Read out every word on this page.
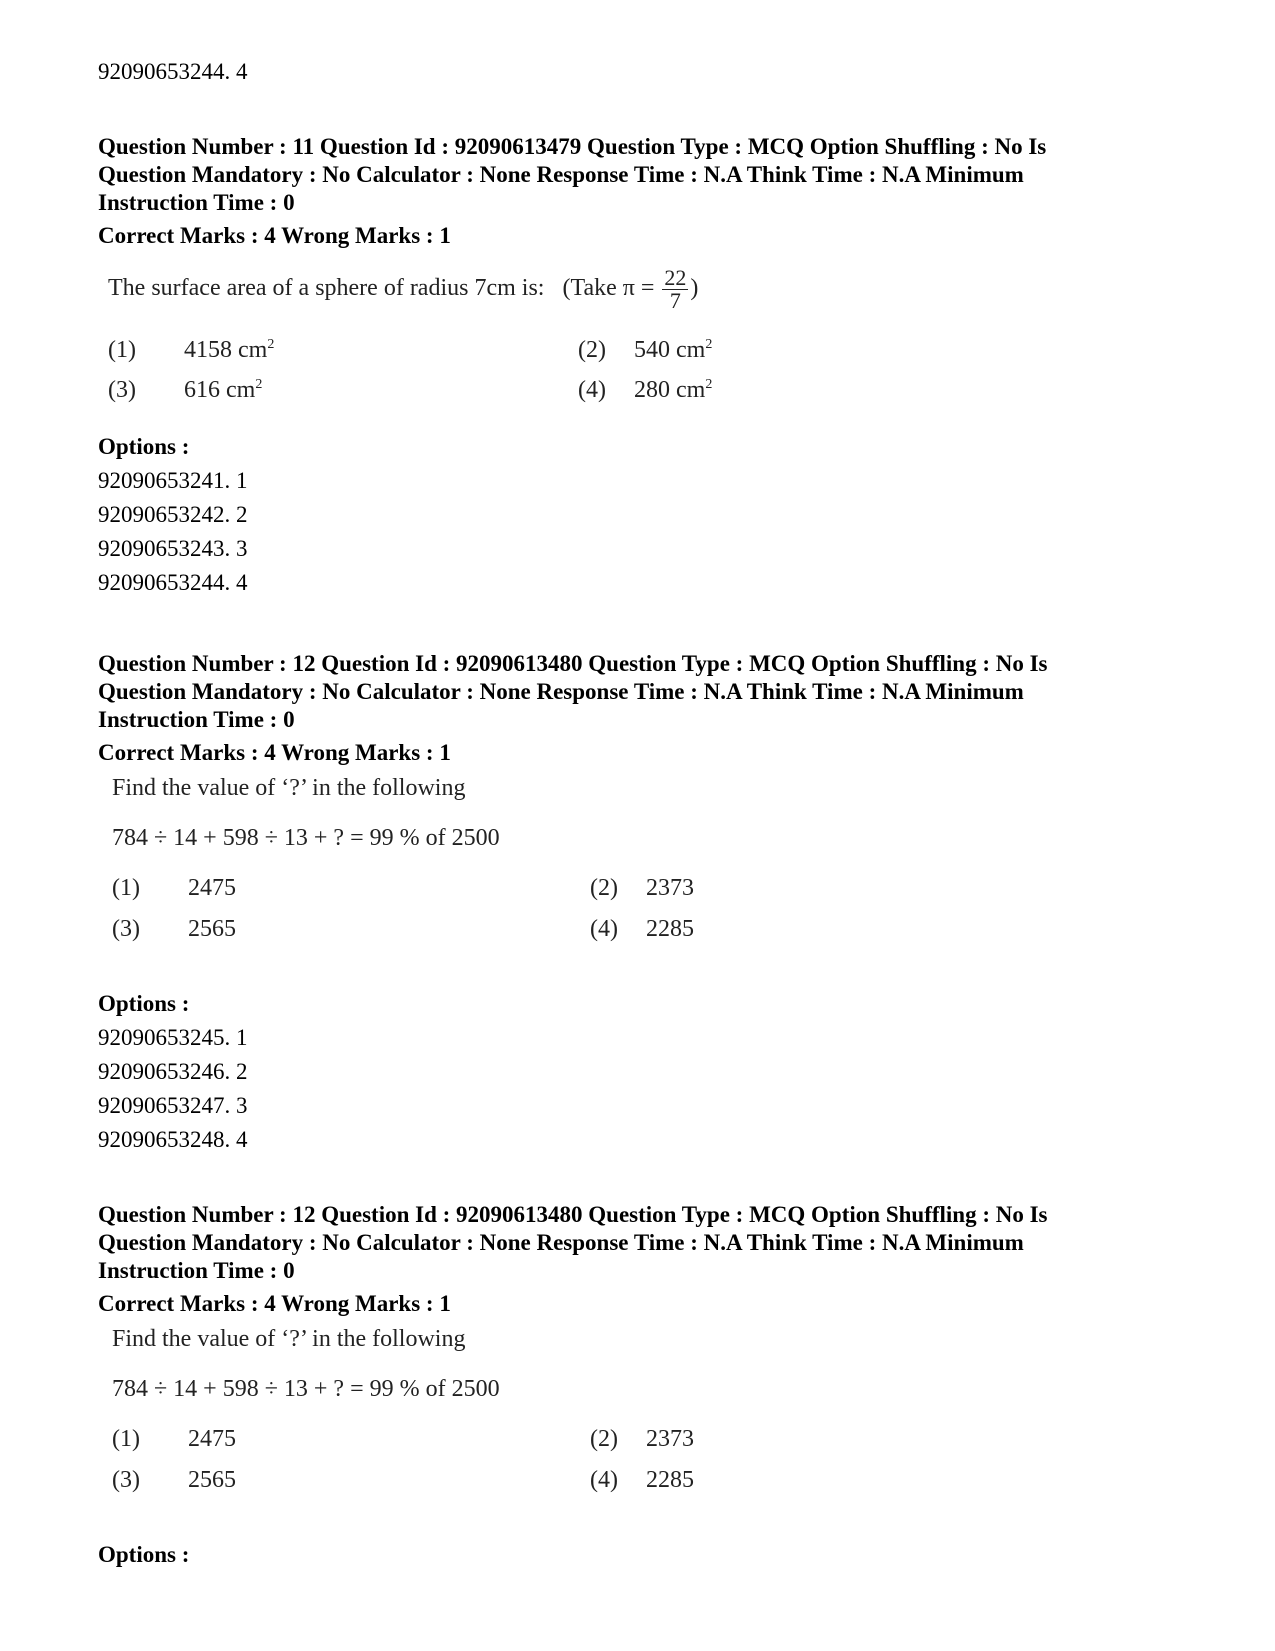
92090653244. 4
Question Number : 11 Question Id : 92090613479 Question Type : MCQ Option Shuffling : No Is
Question Mandatory : No Calculator : None Response Time : N.A Think Time : N.A Minimum
Instruction Time : 0
Correct Marks : 4 Wrong Marks : 1
The surface area of a sphere of radius 7cm is: (Take $\pi = \frac{22}{7}$ )
(1) 4158 $cm^2$	(2) 540 $cm^2$
(3) 616 $cm^2$	(4) 280 $cm^2$
Options :
92090653241. 1
92090653242. 2
92090653243. 3
92090653244. 4
Question Number : 12 Question Id : 92090613480 Question Type : MCQ Option Shuffling : No Is
Question Mandatory : No Calculator : None Response Time : N.A Think Time : N.A Minimum
Instruction Time : 0
Correct Marks : 4 Wrong Marks : 1
Find the value of ‘?’ in the following
784 ÷ 14 + 598 ÷ 13 + ? = 99 % of 2500
(1) 2475	(2) 2373
(3) 2565	(4) 2285
Options :
92090653245. 1
92090653246. 2
92090653247. 3
92090653248. 4
Question Number : 12 Question Id : 92090613480 Question Type : MCQ Option Shuffling : No Is
Question Mandatory : No Calculator : None Response Time : N.A Think Time : N.A Minimum
Instruction Time : 0
Correct Marks : 4 Wrong Marks : 1
Find the value of ‘?’ in the following
784 ÷ 14 + 598 ÷ 13 + ? = 99 % of 2500
(1) 2475	(2) 2373
(3) 2565	(4) 2285
Options :
